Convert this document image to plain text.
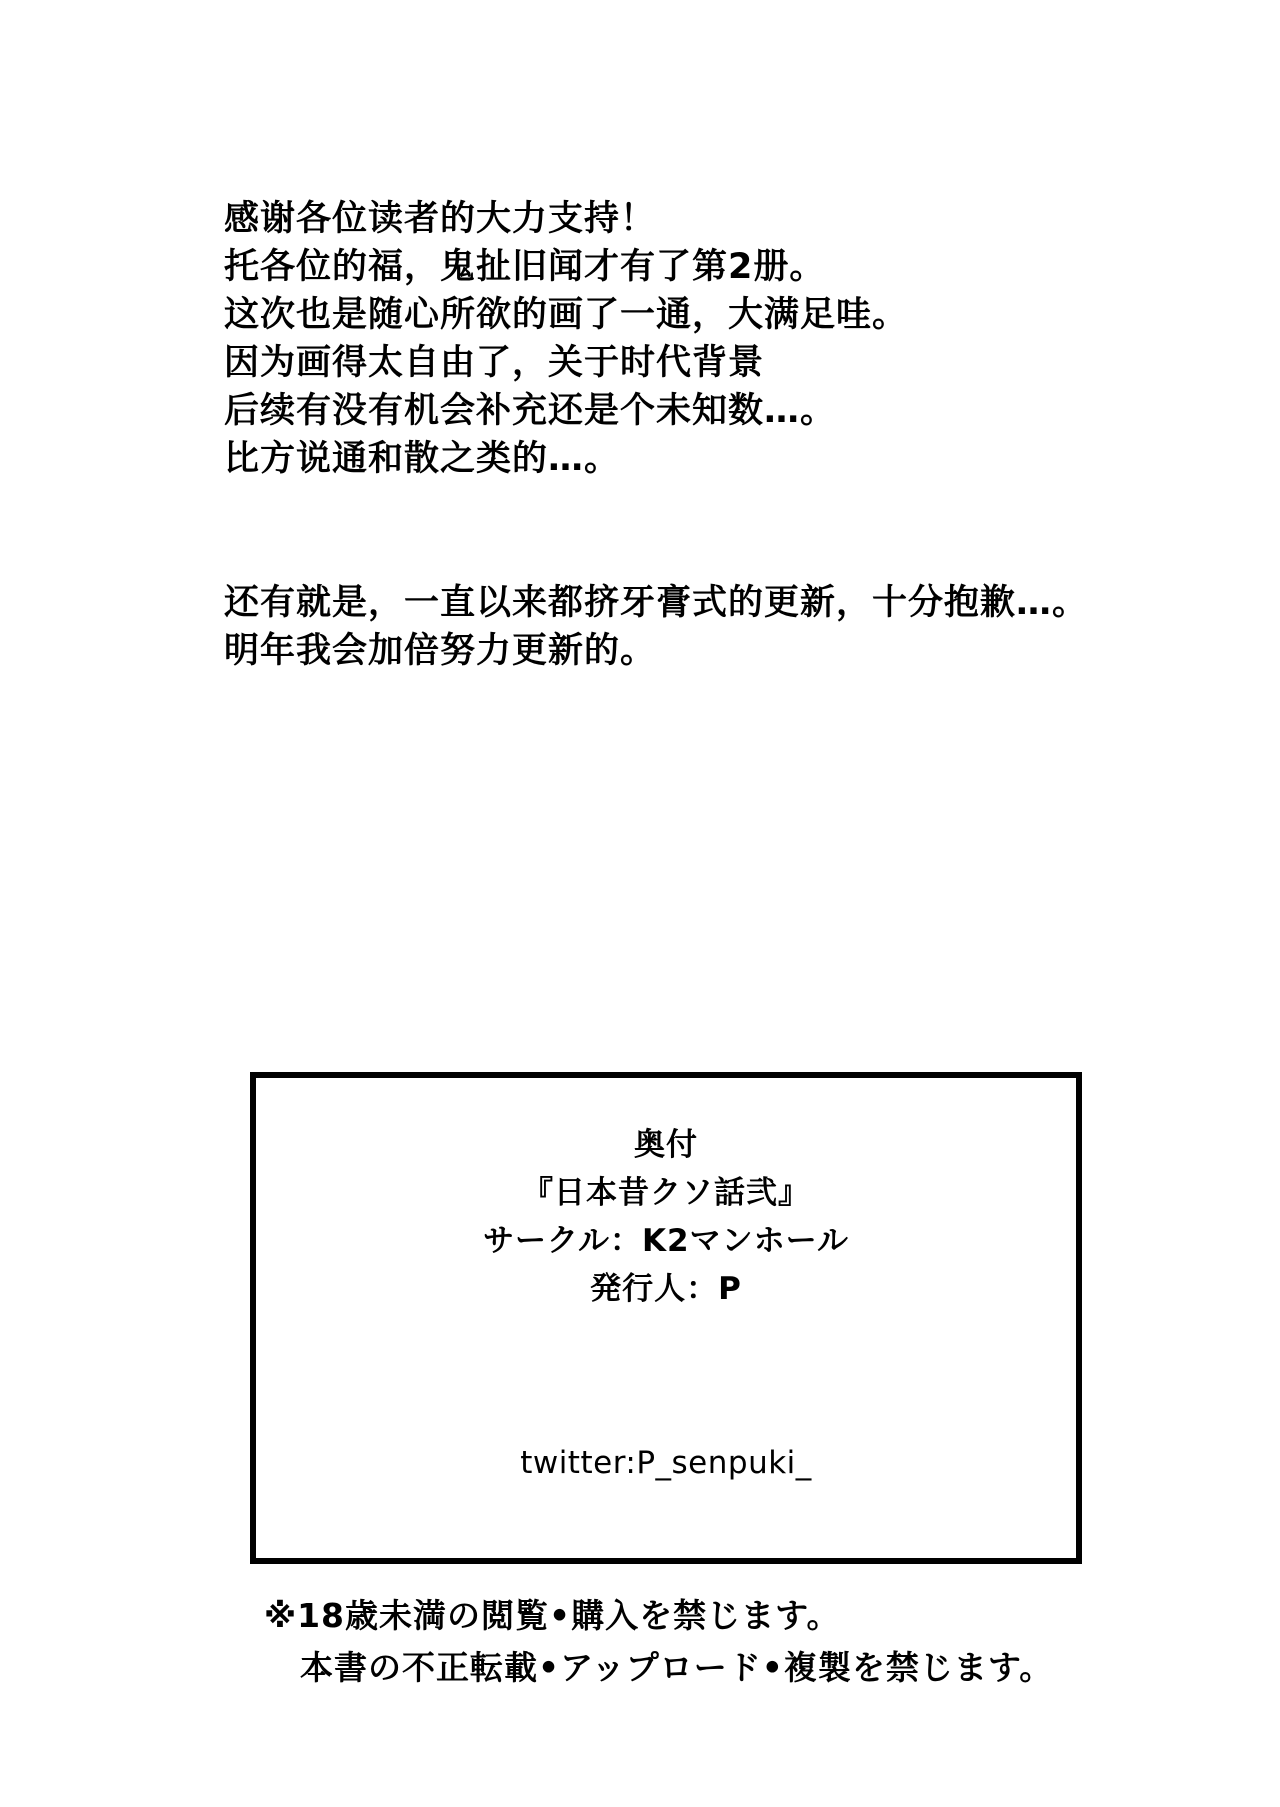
感谢各位读者的大力支持！
托各位的福，鬼扯旧闻才有了第2册。
这次也是随心所欲的画了一通，大满足哇。
因为画得太自由了，关于时代背景
后续有没有机会补充还是个未知数…。
比方说通和散之类的…。
还有就是，一直以来都挤牙膏式的更新，十分抱歉…。
明年我会加倍努力更新的。
奥付
『日本昔クソ話弐』
サークル：K2マンホール
発行人：P
twitter:P_senpuki_
※18歳未満の閲覧•購入を禁じます。
本書の不正転載•アップロード•複製を禁じます。
